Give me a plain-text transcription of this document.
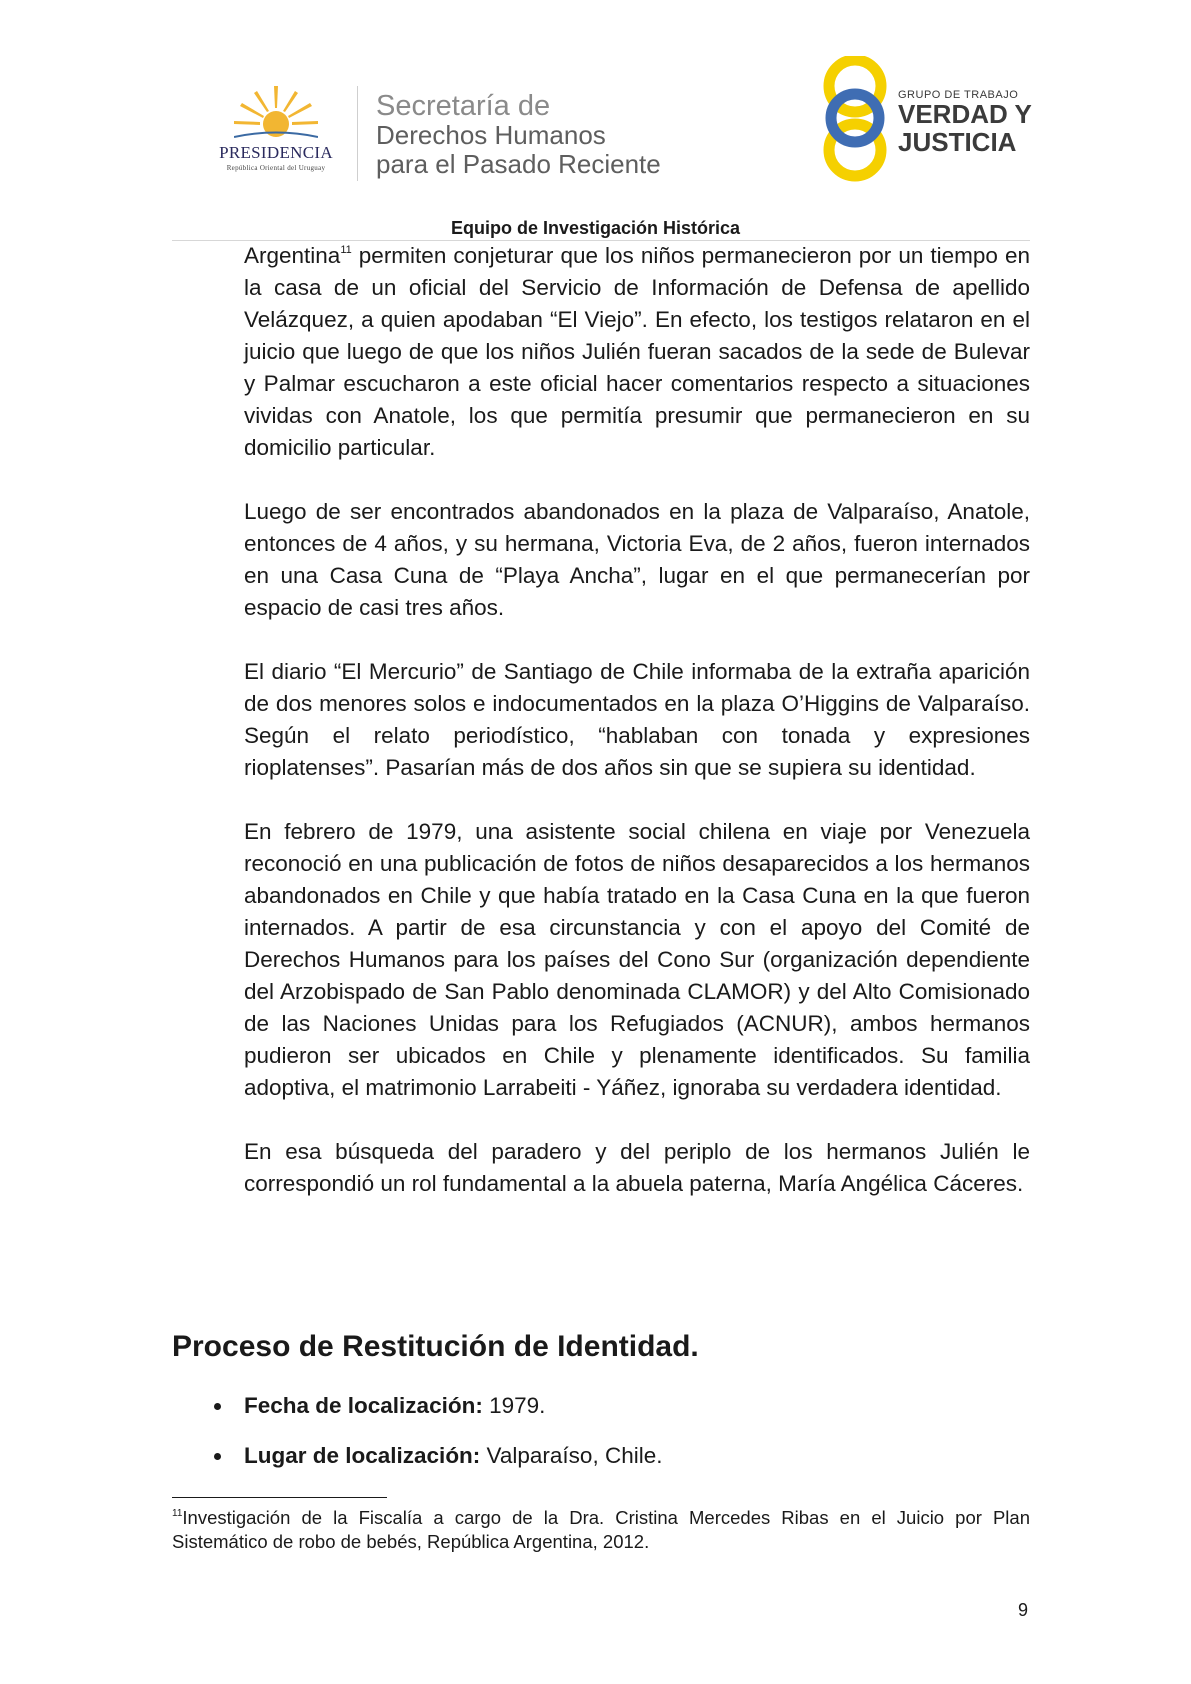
PRESIDENCIA
República Oriental del Uruguay
Secretaría de
Derechos Humanos
para el Pasado Reciente
GRUPO DE TRABAJO
VERDAD Y
JUSTICIA
Equipo de Investigación Histórica

Argentina$^{11}$ permiten conjeturar que los niños permanecieron por un tiempo en la casa de un oficial del Servicio de Información de Defensa de apellido Velázquez, a quien apodaban “El Viejo”. En efecto, los testigos relataron en el juicio que luego de que los niños Julién fueran sacados de la sede de Bulevar y Palmar escucharon a este oficial hacer comentarios respecto a situaciones vividas con Anatole, los que permitía presumir que permanecieron en su domicilio particular.

Luego de ser encontrados abandonados en la plaza de Valparaíso, Anatole, entonces de 4 años, y su hermana, Victoria Eva, de 2 años, fueron internados en una Casa Cuna de “Playa Ancha”, lugar en el que permanecerían por espacio de casi tres años.

El diario “El Mercurio” de Santiago de Chile informaba de la extraña aparición de dos menores solos e indocumentados en la plaza O’Higgins de Valparaíso. Según el relato periodístico, “hablaban con tonada y expresiones rioplatenses”. Pasarían más de dos años sin que se supiera su identidad.

En febrero de 1979, una asistente social chilena en viaje por Venezuela reconoció en una publicación de fotos de niños desaparecidos a los hermanos abandonados en Chile y que había tratado en la Casa Cuna en la que fueron internados. A partir de esa circunstancia y con el apoyo del Comité de Derechos Humanos para los países del Cono Sur (organización dependiente del Arzobispado de San Pablo denominada CLAMOR) y del Alto Comisionado de las Naciones Unidas para los Refugiados (ACNUR), ambos hermanos pudieron ser ubicados en Chile y plenamente identificados. Su familia adoptiva, el matrimonio Larrabeiti - Yáñez, ignoraba su verdadera identidad.

En esa búsqueda del paradero y del periplo de los hermanos Julién le correspondió un rol fundamental a la abuela paterna, María Angélica Cáceres.

Proceso de Restitución de Identidad.
Fecha de localización: 1979.
Lugar de localización: Valparaíso, Chile.

$^{11}$Investigación de la Fiscalía a cargo de la Dra. Cristina Mercedes Ribas en el Juicio por Plan Sistemático de robo de bebés, República Argentina, 2012.

9
